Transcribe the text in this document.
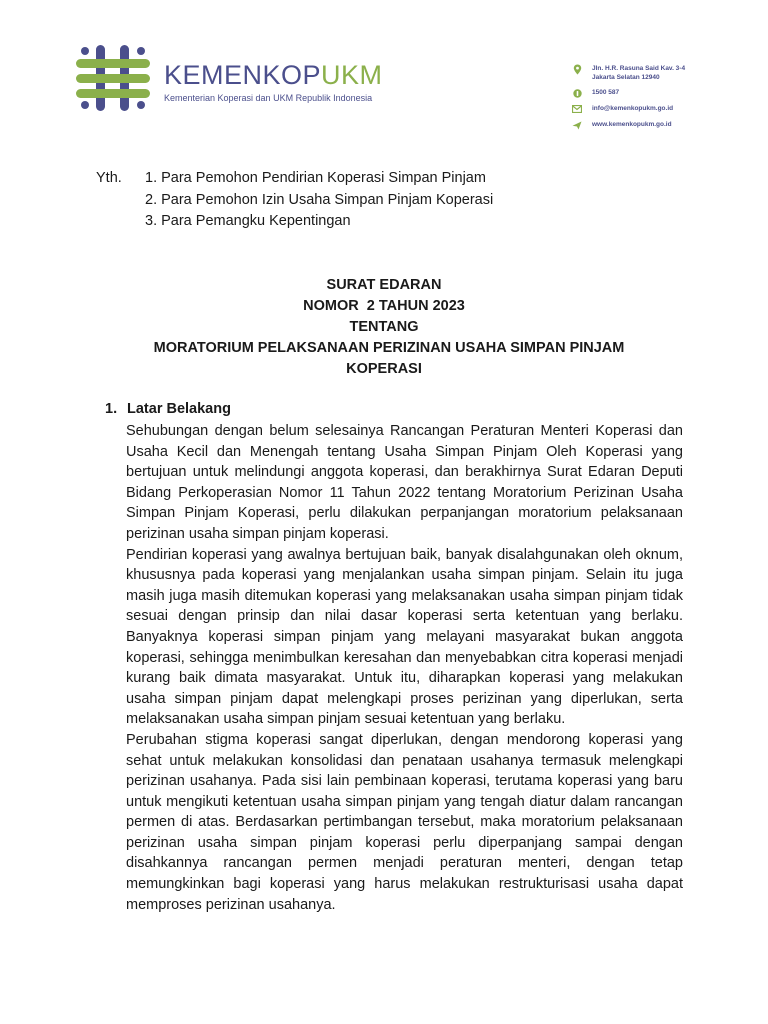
KEMENKOPUKM
Kementerian Koperasi dan UKM Republik Indonesia
Jln. H.R. Rasuna Said Kav. 3-4
Jakarta Selatan 12940
1500 587
info@kemenkopukm.go.id
www.kemenkopukm.go.id
Yth. 1. Para Pemohon Pendirian Koperasi Simpan Pinjam
2. Para Pemohon Izin Usaha Simpan Pinjam Koperasi
3. Para Pemangku Kepentingan
SURAT EDARAN
NOMOR  2 TAHUN 2023
TENTANG
MORATORIUM PELAKSANAAN PERIZINAN USAHA SIMPAN PINJAM
KOPERASI
1. Latar Belakang

Sehubungan dengan belum selesainya Rancangan Peraturan Menteri Koperasi dan Usaha Kecil dan Menengah tentang Usaha Simpan Pinjam Oleh Koperasi yang bertujuan untuk melindungi anggota koperasi, dan berakhirnya Surat Edaran Deputi Bidang Perkoperasian Nomor 11 Tahun 2022 tentang Moratorium Perizinan Usaha Simpan Pinjam Koperasi, perlu dilakukan perpanjangan moratorium pelaksanaan perizinan usaha simpan pinjam koperasi.

Pendirian koperasi yang awalnya bertujuan baik, banyak disalahgunakan oleh oknum, khususnya pada koperasi yang menjalankan usaha simpan pinjam. Selain itu juga masih juga masih ditemukan koperasi yang melaksanakan usaha simpan pinjam tidak sesuai dengan prinsip dan nilai dasar koperasi serta ketentuan yang berlaku. Banyaknya koperasi simpan pinjam yang melayani masyarakat bukan anggota koperasi, sehingga menimbulkan keresahan dan menyebabkan citra koperasi menjadi kurang baik dimata masyarakat. Untuk itu, diharapkan koperasi yang melakukan usaha simpan pinjam dapat melengkapi proses perizinan yang diperlukan, serta melaksanakan usaha simpan pinjam sesuai ketentuan yang berlaku.

Perubahan stigma koperasi sangat diperlukan, dengan mendorong koperasi yang sehat untuk melakukan konsolidasi dan penataan usahanya termasuk melengkapi perizinan usahanya. Pada sisi lain pembinaan koperasi, terutama koperasi yang baru untuk mengikuti ketentuan usaha simpan pinjam yang tengah diatur dalam rancangan permen di atas. Berdasarkan pertimbangan tersebut, maka moratorium pelaksanaan perizinan usaha simpan pinjam koperasi perlu diperpanjang sampai dengan disahkannya rancangan permen menjadi peraturan menteri, dengan tetap memungkinkan bagi koperasi yang harus melakukan restrukturisasi usaha dapat memproses perizinan usahanya.
